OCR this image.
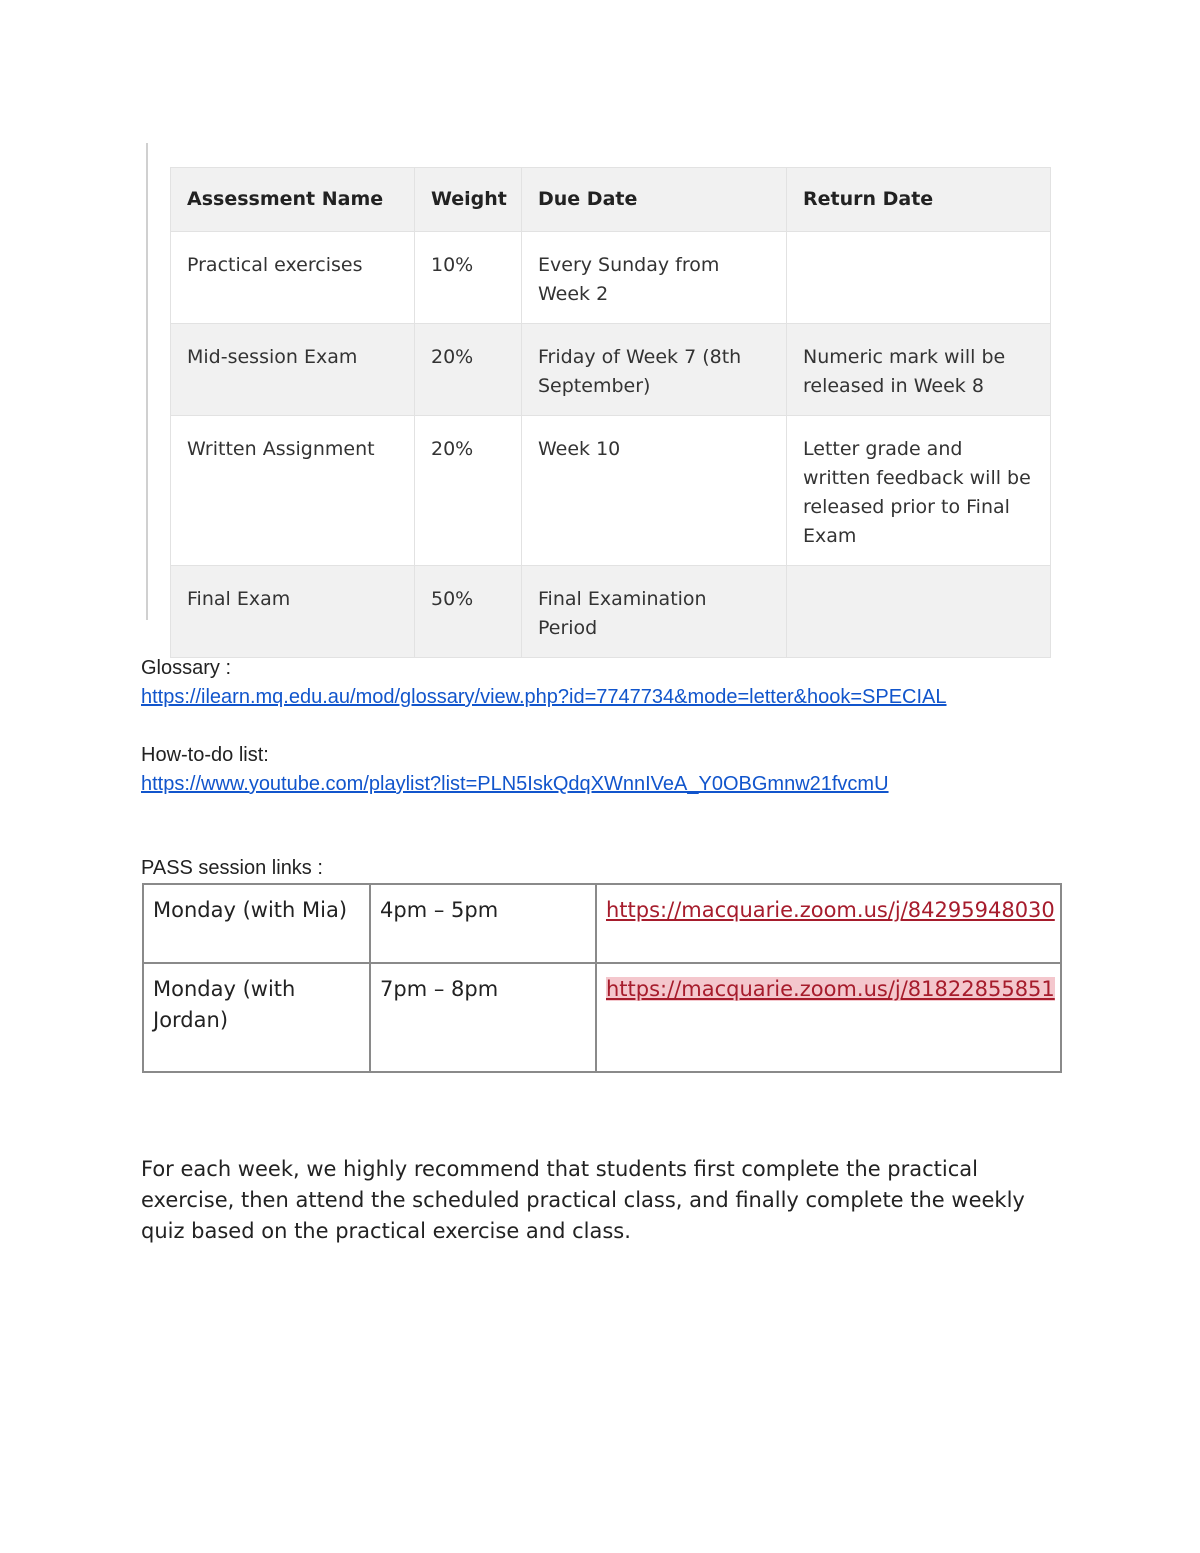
Assessment Name	Weight	Due Date	Return Date
Practical exercises	10%	Every Sunday from Week 2	
Mid-session Exam	20%	Friday of Week 7 (8th September)	Numeric mark will be released in Week 8
Written Assignment	20%	Week 10	Letter grade and written feedback will be released prior to Final Exam
Final Exam	50%	Final Examination Period	
Glossary :
https://ilearn.mq.edu.au/mod/glossary/view.php?id=7747734&mode=letter&hook=SPECIAL
How-to-do list:
https://www.youtube.com/playlist?list=PLN5IskQdqXWnnIVeA_Y0OBGmnw21fvcmU
PASS session links :
Monday (with Mia)	4pm – 5pm	https://macquarie.zoom.us/j/84295948030
Monday (with Jordan)	7pm – 8pm	https://macquarie.zoom.us/j/81822855851
For each week, we highly recommend that students first complete the practical exercise, then attend the scheduled practical class, and finally complete the weekly quiz based on the practical exercise and class.
